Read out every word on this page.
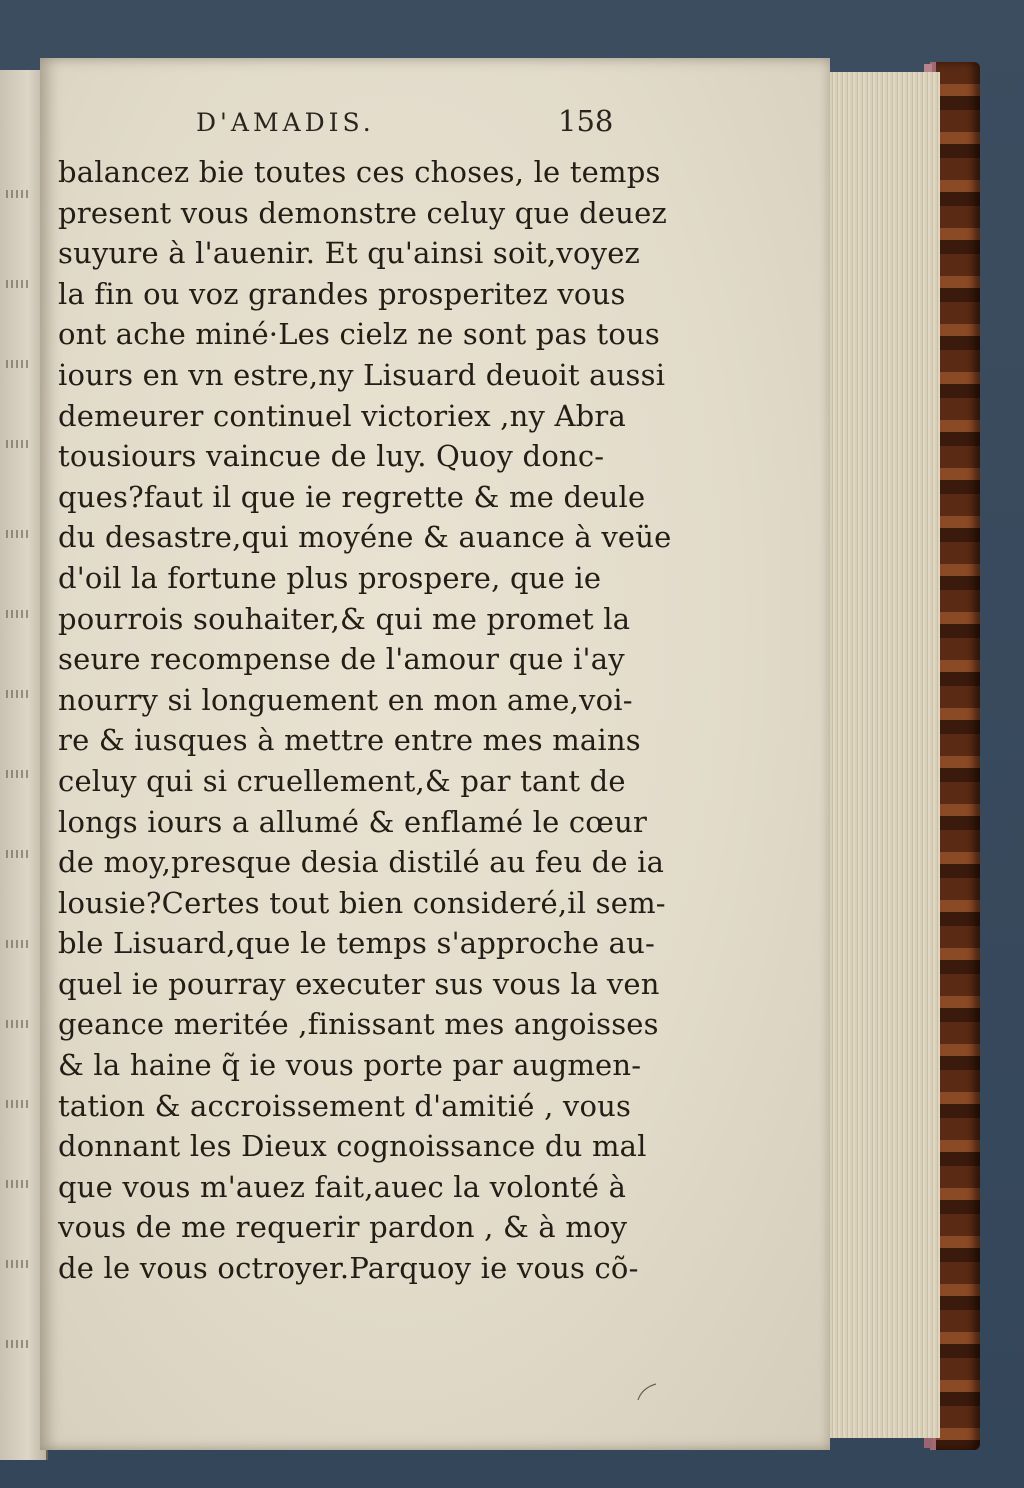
D'AMADIS.	158
balancez bie toutes ces choses, le temps
present vous demonstre celuy que deuez
suyure à l'auenir. Et qu'ainsi soit,voyez
la fin ou voz grandes prosperitez vous
ont ache miné·Les cielz ne sont pas tous
iours en vn estre,ny Lisuard deuoit aussi
demeurer continuel victoriex ,ny Abra
tousiours vaincue de luy. Quoy donc-
ques?faut il que ie regrette & me deule
du desastre,qui moyéne & auance à veüe
d'oil la fortune plus prospere, que ie
pourrois souhaiter,& qui me promet la
seure recompense de l'amour que i'ay
nourry si longuement en mon ame,voi-
re & iusques à mettre entre mes mains
celuy qui si cruellement,& par tant de
longs iours a allumé & enflamé le cœur
de moy,presque desia distilé au feu de ia
lousie?Certes tout bien consideré,il sem-
ble Lisuard,que le temps s'approche au-
quel ie pourray executer sus vous la ven
geance meritée ,finissant mes angoisses
& la haine q̃ ie vous porte par augmen-
tation & accroissement d'amitié , vous
donnant les Dieux cognoissance du mal
que vous m'auez fait,auec la volonté à
vous de me requerir pardon , & à moy
de le vous octroyer.Parquoy ie vous cõ-
